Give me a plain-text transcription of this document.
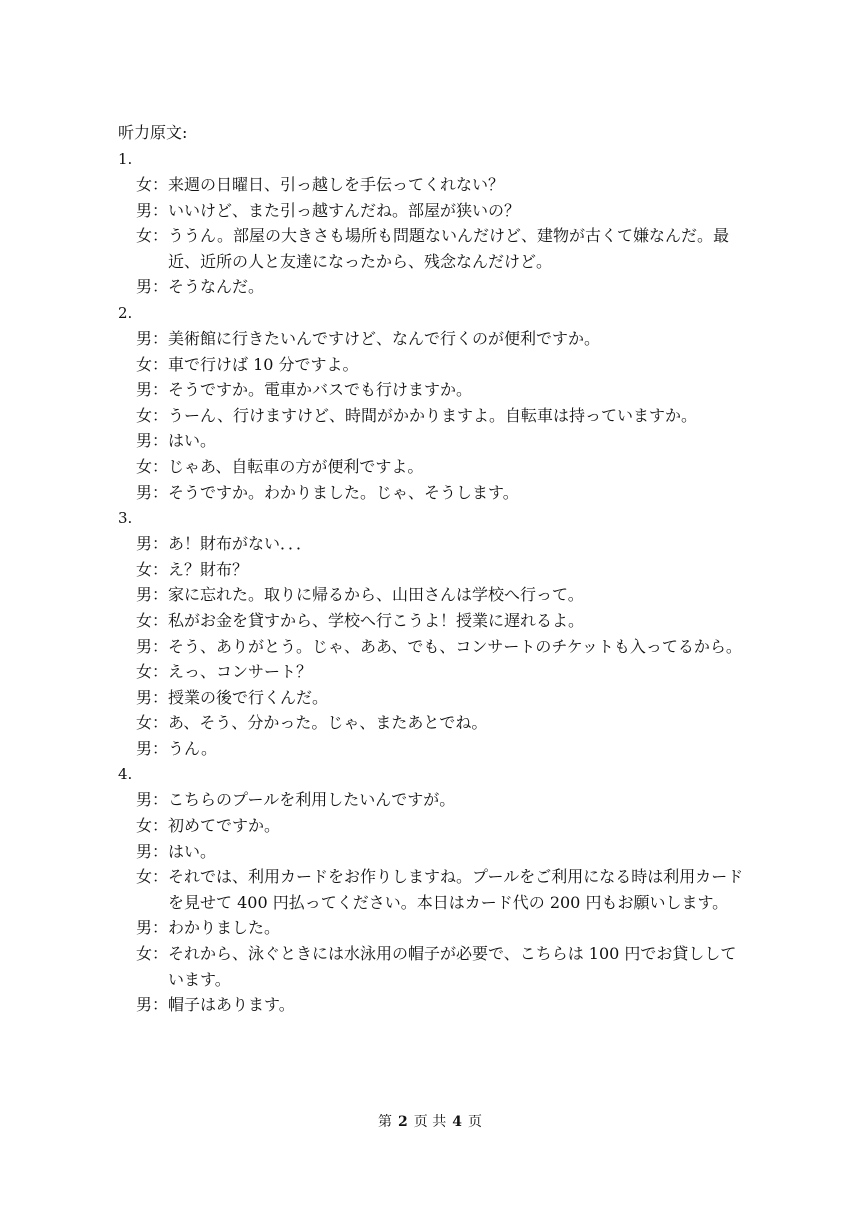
听力原文:
1.
女： 来週の日曜日、引っ越しを手伝ってくれない？
男： いいけど、また引っ越すんだね。部屋が狭いの？
女： ううん。部屋の大きさも場所も問題ないんだけど、建物が古くて嫌なんだ。最近、近所の人と友達になったから、残念なんだけど。
男： そうなんだ。
2.
男： 美術館に行きたいんですけど、なんで行くのが便利ですか。
女： 車で行けば 10 分ですよ。
男： そうですか。電車かバスでも行けますか。
女： うーん、行けますけど、時間がかかりますよ。自転車は持っていますか。
男： はい。
女： じゃあ、自転車の方が便利ですよ。
男： そうですか。わかりました。じゃ、そうします。
3.
男： あ！財布がない．．．
女： え？財布？
男： 家に忘れた。取りに帰るから、山田さんは学校へ行って。
女： 私がお金を貸すから、学校へ行こうよ！授業に遅れるよ。
男： そう、ありがとう。じゃ、ああ、でも、コンサートのチケットも入ってるから。
女： えっ、コンサート？
男： 授業の後で行くんだ。
女： あ、そう、分かった。じゃ、またあとでね。
男： うん。
4.
男： こちらのプールを利用したいんですが。
女： 初めてですか。
男： はい。
女： それでは、利用カードをお作りしますね。プールをご利用になる時は利用カードを見せて 400 円払ってください。本日はカード代の 200 円もお願いします。
男： わかりました。
女： それから、泳ぐときには水泳用の帽子が必要で、こちらは 100 円でお貸ししています。
男： 帽子はあります。
第 2 页 共 4 页
